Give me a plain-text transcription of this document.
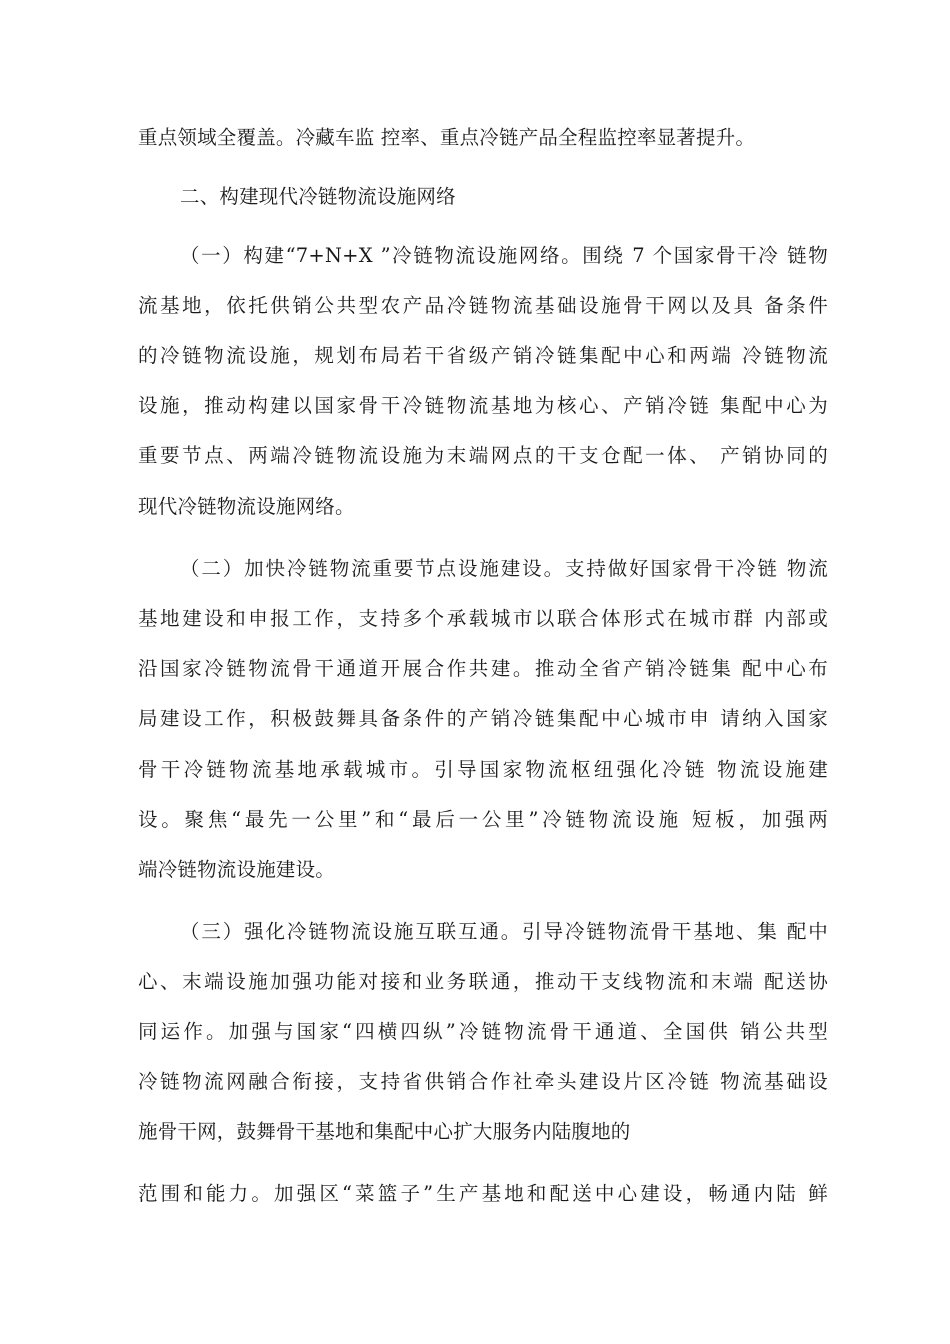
重点领域全覆盖。冷藏车监 控率、重点冷链产品全程监控率显著提升。
二、构建现代冷链物流设施网络
（一）构建“7+N+X ”冷链物流设施网络。围绕 7 个国家骨干冷 链物
流基地，依托供销公共型农产品冷链物流基础设施骨干网以及具 备条件
的冷链物流设施，规划布局若干省级产销冷链集配中心和两端 冷链物流
设施，推动构建以国家骨干冷链物流基地为核心、产销冷链 集配中心为
重要节点、两端冷链物流设施为末端网点的干支仓配一体、 产销协同的
现代冷链物流设施网络。
（二）加快冷链物流重要节点设施建设。支持做好国家骨干冷链 物流
基地建设和申报工作，支持多个承载城市以联合体形式在城市群 内部或
沿国家冷链物流骨干通道开展合作共建。推动全省产销冷链集 配中心布
局建设工作，积极鼓舞具备条件的产销冷链集配中心城市申 请纳入国家
骨干冷链物流基地承载城市。引导国家物流枢纽强化冷链 物流设施建
设。聚焦“最先一公里”和“最后一公里”冷链物流设施 短板，加强两
端冷链物流设施建设。
（三）强化冷链物流设施互联互通。引导冷链物流骨干基地、集 配中
心、末端设施加强功能对接和业务联通，推动干支线物流和末端 配送协
同运作。加强与国家“四横四纵”冷链物流骨干通道、全国供 销公共型
冷链物流网融合衔接，支持省供销合作社牵头建设片区冷链 物流基础设
施骨干网，鼓舞骨干基地和集配中心扩大服务内陆腹地的
范围和能力。加强区“菜篮子”生产基地和配送中心建设，畅通内陆 鲜
